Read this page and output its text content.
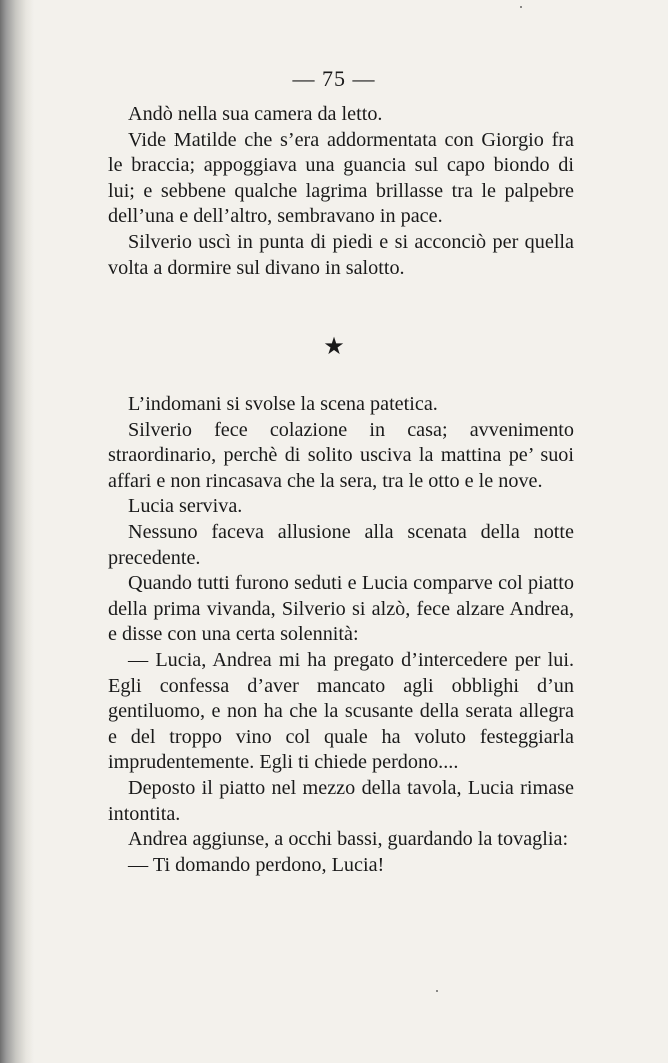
— 75 —

Andò nella sua camera da letto.

Vide Matilde che s’era addormentata con Giorgio fra le braccia; appoggiava una guancia sul capo biondo di lui; e sebbene qualche lagrima brillasse tra le palpebre dell’una e dell’altro, sembravano in pace.

Silverio uscì in punta di piedi e si acconciò per quella volta a dormire sul divano in salotto.

★

L’indomani si svolse la scena patetica.

Silverio fece colazione in casa; avvenimento straordinario, perchè di solito usciva la mattina pe’ suoi affari e non rincasava che la sera, tra le otto e le nove.

Lucia serviva.

Nessuno faceva allusione alla scenata della notte precedente.

Quando tutti furono seduti e Lucia comparve col piatto della prima vivanda, Silverio si alzò, fece alzare Andrea, e disse con una certa solennità:

— Lucia, Andrea mi ha pregato d’intercedere per lui. Egli confessa d’aver mancato agli obblighi d’un gentiluomo, e non ha che la scusante della serata allegra e del troppo vino col quale ha voluto festeggiarla imprudentemente. Egli ti chiede perdono....

Deposto il piatto nel mezzo della tavola, Lucia rimase intontita.

Andrea aggiunse, a occhi bassi, guardando la tovaglia:

— Ti domando perdono, Lucia!
